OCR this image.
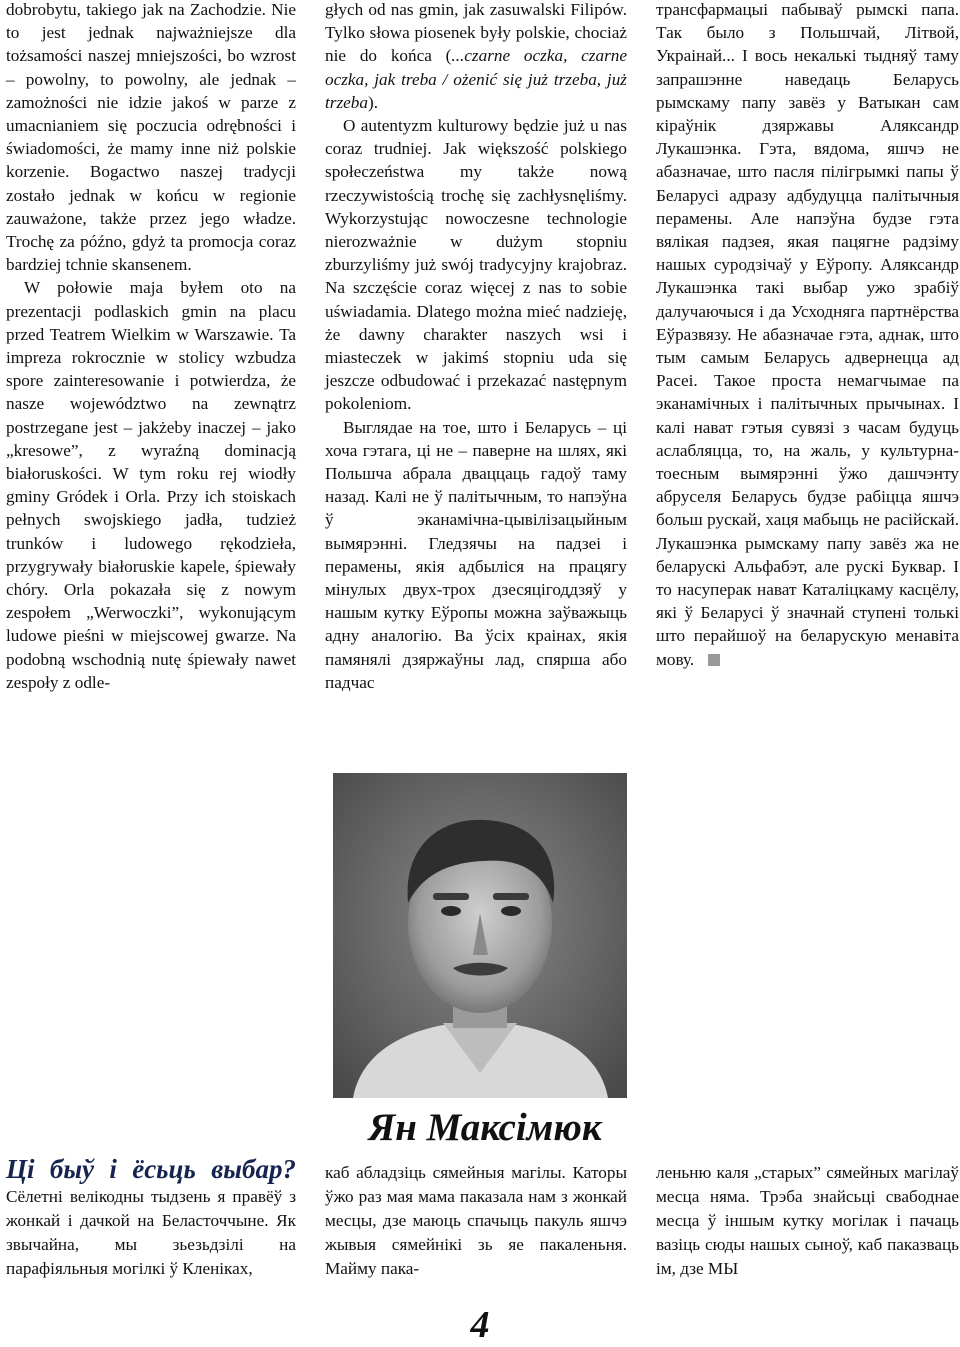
dobrobytu, takiego jak na Zachodzie. Nie to jest jednak najważniejsze dla tożsamości naszej mniejszości, bo wzrost – powolny, to powolny, ale jednak – zamożności nie idzie jakoś w parze z umacnianiem się poczucia odrębności i świadomości, że mamy inne niż polskie korzenie. Bogactwo naszej tradycji zostało jednak w końcu w regionie zauważone, także przez jego władze. Trochę za późno, gdyż ta promocja coraz bardziej tchnie skansenem.

W połowie maja byłem oto na prezentacji podlaskich gmin na placu przed Teatrem Wielkim w Warszawie. Ta impreza rokrocznie w stolicy wzbudza spore zainteresowanie i potwierdza, że nasze województwo na zewnątrz postrzegane jest – jakżeby inaczej – jako „kresowe”, z wyraźną dominacją białoruskości. W tym roku rej wiodły gminy Gródek i Orla. Przy ich stoiskach pełnych swojskiego jadła, tudzież trunków i ludowego rękodzieła, przygrywały białoruskie kapele, śpiewały chóry. Orla pokazała się z nowym zespołem „Werwoczki”, wykonującym ludowe pieśni w miejscowej gwarze. Na podobną wschodnią nutę śpiewały nawet zespoły z odle-

głych od nas gmin, jak zasuwalski Filipów. Tylko słowa piosenek były polskie, chociaż nie do końca (...czarne oczka, czarne oczka, jak treba / ożenić się już trzeba, już trzeba).

O autentyzm kulturowy będzie już u nas coraz trudniej. Jak większość polskiego społeczeństwa my także nową rzeczywistością trochę się zachłysnęliśmy. Wykorzystując nowoczesne technologie nierozważnie w dużym stopniu zburzyliśmy już swój tradycyjny krajobraz. Na szczęście coraz więcej z nas to sobie uświadamia. Dlatego można mieć nadzieję, że dawny charakter naszych wsi i miasteczek w jakimś stopniu uda się jeszcze odbudować i przekazać następnym pokoleniom.

Выглядае на тое, што і Беларусь – ці хоча гэтага, ці не – паверне на шлях, які Польшча абрала дваццаць гадоў таму назад. Калі не ў палітычным, то напэўна ў эканамічна-цывілізацыйным вымярэнні. Гледзячы на падзеі і перамены, якія адбыліся на працягу мінулых двух-трох дзесяцігоддзяў у нашым кутку Еўропы можна заўважыць адну аналогію. Ва ўсіх краінах, якія памянялі дзяржаўны лад, спярша або падчас

трансфармацыі пабываў рымскі папа. Так было з Польшчай, Літвой, Украінай... І вось некалькі тыдняў таму запрашэнне наведаць Беларусь рымскаму папу завёз у Ватыкан сам кіраўнік дзяржавы Аляксандр Лукашэнка. Гэта, вядома, яшчэ не абазначае, што пасля пілігрымкі папы ў Беларусі адразу адбудуцца палітычныя перамены. Але напэўна будзе гэта вялікая падзея, якая пацягне радзіму нашых суродзічаў у Еўропу. Аляксандр Лукашэнка такі выбар ужо зрабіў далучаючыся і да Усходняга партнёрства Еўразвязу. Не абазначае гэта, аднак, што тым самым Беларусь адвернецца ад Расеі. Такое проста немагчымае па эканамічных і палітычных прычынах. І калі нават гэтыя сувязі з часам будуць аслабляцца, то, на жаль, у культурна-тоесным вымярэнні ўжо дашчэнту абруселя Беларусь будзе рабіцца яшчэ больш рускай, хаця мабыць не расійскай. Лукашэнка рымскаму папу завёз жа не беларускі Альфабэт, але рускі Буквар. І то насуперак нават Каталіцкаму касцёлу, які ў Беларусі ў значнай ступені толькі што перайшоў на беларускую менавіта мову.

Ян Максімюк

Ці быў і ёсьць выбар? Сёлетні велікодны тыдзень я правёў з жонкай і дачкой на Беласточчыне. Як звычайна, мы зьезьдзілі на парафіяльныя могілкі ў Кленіках,

каб абладзіць сямейныя магілы. Каторы ўжо раз мая мама паказала нам з жонкай месцы, дзе маюць спачыць пакуль яшчэ жывыя сямейнікі зь яе пакаленьня. Майму пака-

леньню каля „старых” сямейных магілаў месца няма. Трэба знайсьці свабоднае месца ў іншым кутку могілак і пачаць вазіць сюды нашых сыноў, каб паказваць ім, дзе МЫ

4
